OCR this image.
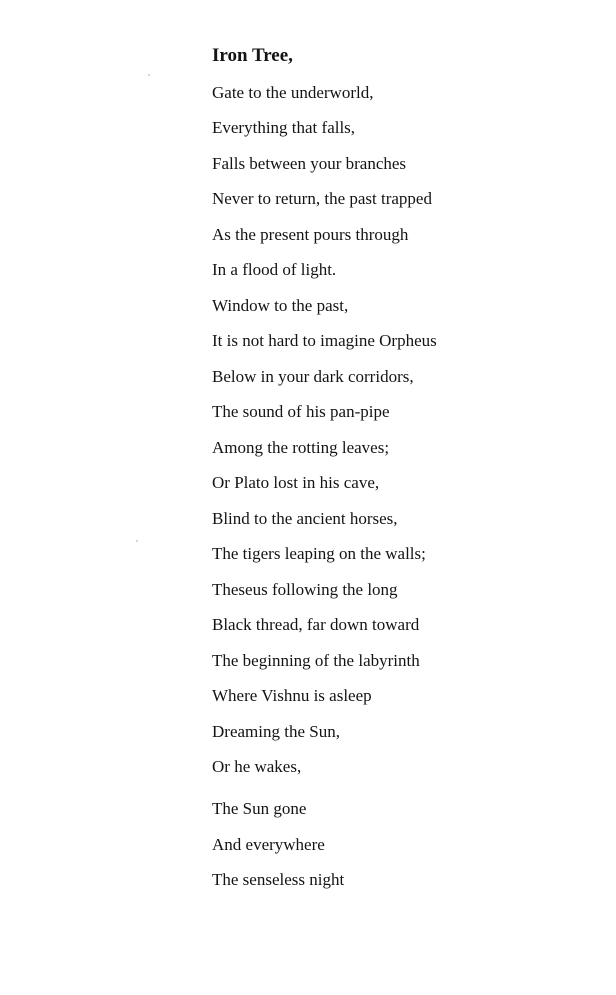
Iron Tree,
Gate to the underworld,
Everything that falls,
Falls between your branches
Never to return, the past trapped
As the present pours through
In a flood of light.
Window to the past,
It is not hard to imagine Orpheus
Below in your dark corridors,
The sound of his pan-pipe
Among the rotting leaves;
Or Plato lost in his cave,
Blind to the ancient horses,
The tigers leaping on the walls;
Theseus following the long
Black thread, far down toward
The beginning of the labyrinth
Where Vishnu is asleep
Dreaming the Sun,
Or he wakes,
The Sun gone
And everywhere
The senseless night
